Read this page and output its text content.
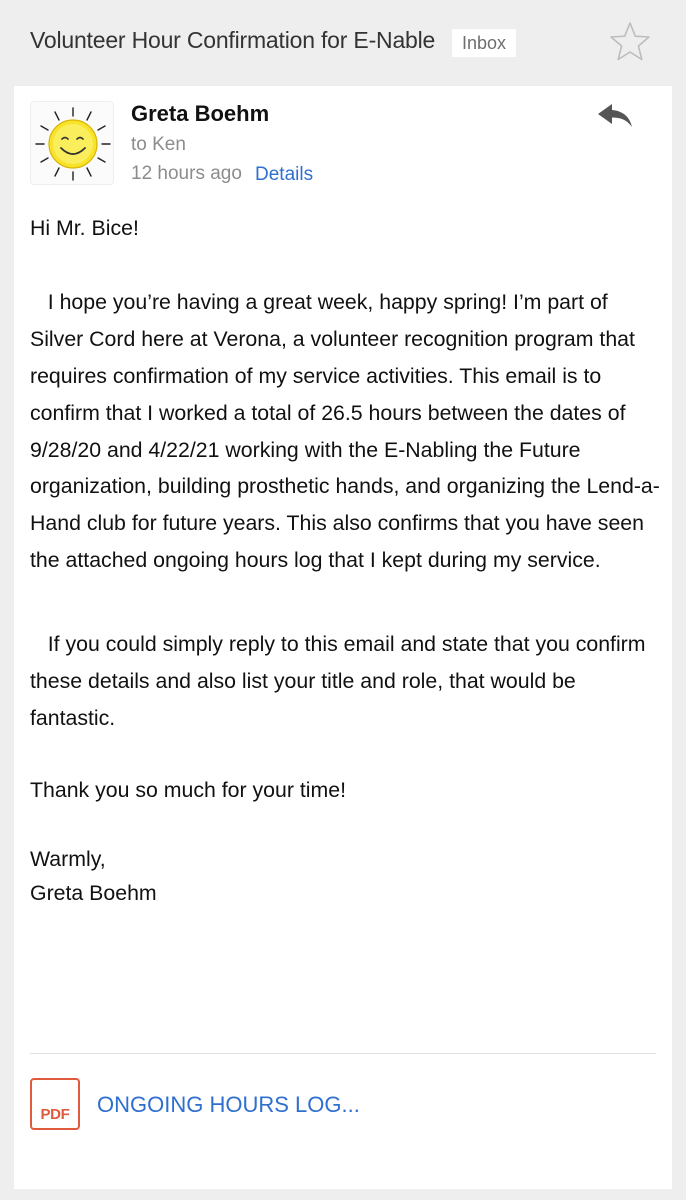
Volunteer Hour Confirmation for E-Nable	Inbox
Greta Boehm
to Ken
12 hours ago Details

Hi Mr. Bice!

I hope you’re having a great week, happy spring! I’m part of Silver Cord here at Verona, a volunteer recognition program that requires confirmation of my service activities. This email is to confirm that I worked a total of 26.5 hours between the dates of 9/28/20 and 4/22/21 working with the E-Nabling the Future organization, building prosthetic hands, and organizing the Lend-a-Hand club for future years. This also confirms that you have seen the attached ongoing hours log that I kept during my service.

If you could simply reply to this email and state that you confirm these details and also list your title and role, that would be fantastic.

Thank you so much for your time!

Warmly,

Greta Boehm

PDF	ONGOING HOURS LOG...
